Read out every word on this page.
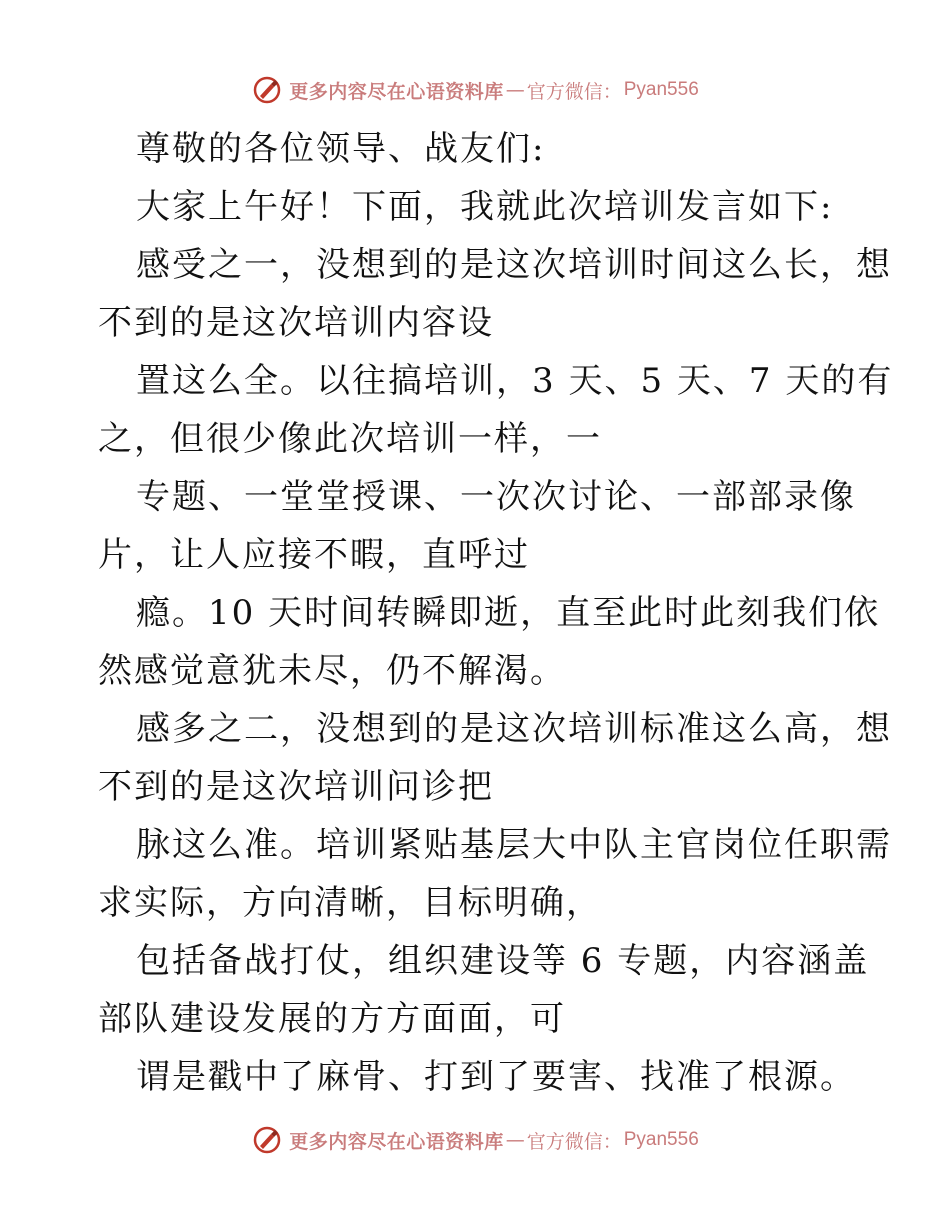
更多内容尽在心语资料库 — 官方微信： Pyan556
尊敬的各位领导、战友们:
大家上午好！下面，我就此次培训发言如下:
感受之一，没想到的是这次培训时间这么长，想
不到的是这次培训内容设
置这么全。以往搞培训，3 天、5 天、7 天的有
之，但很少像此次培训一样，一
专题、一堂堂授课、一次次讨论、一部部录像
片，让人应接不暇，直呼过
瘾。10 天时间转瞬即逝，直至此时此刻我们依
然感觉意犹未尽，仍不解渴。
感多之二，没想到的是这次培训标准这么高，想
不到的是这次培训问诊把
脉这么准。培训紧贴基层大中队主官岗位任职需
求实际，方向清晰，目标明确，
包括备战打仗，组织建设等 6 专题，内容涵盖
部队建设发展的方方面面，可
谓是戳中了麻骨、打到了要害、找准了根源。
更多内容尽在心语资料库 — 官方微信： Pyan556
